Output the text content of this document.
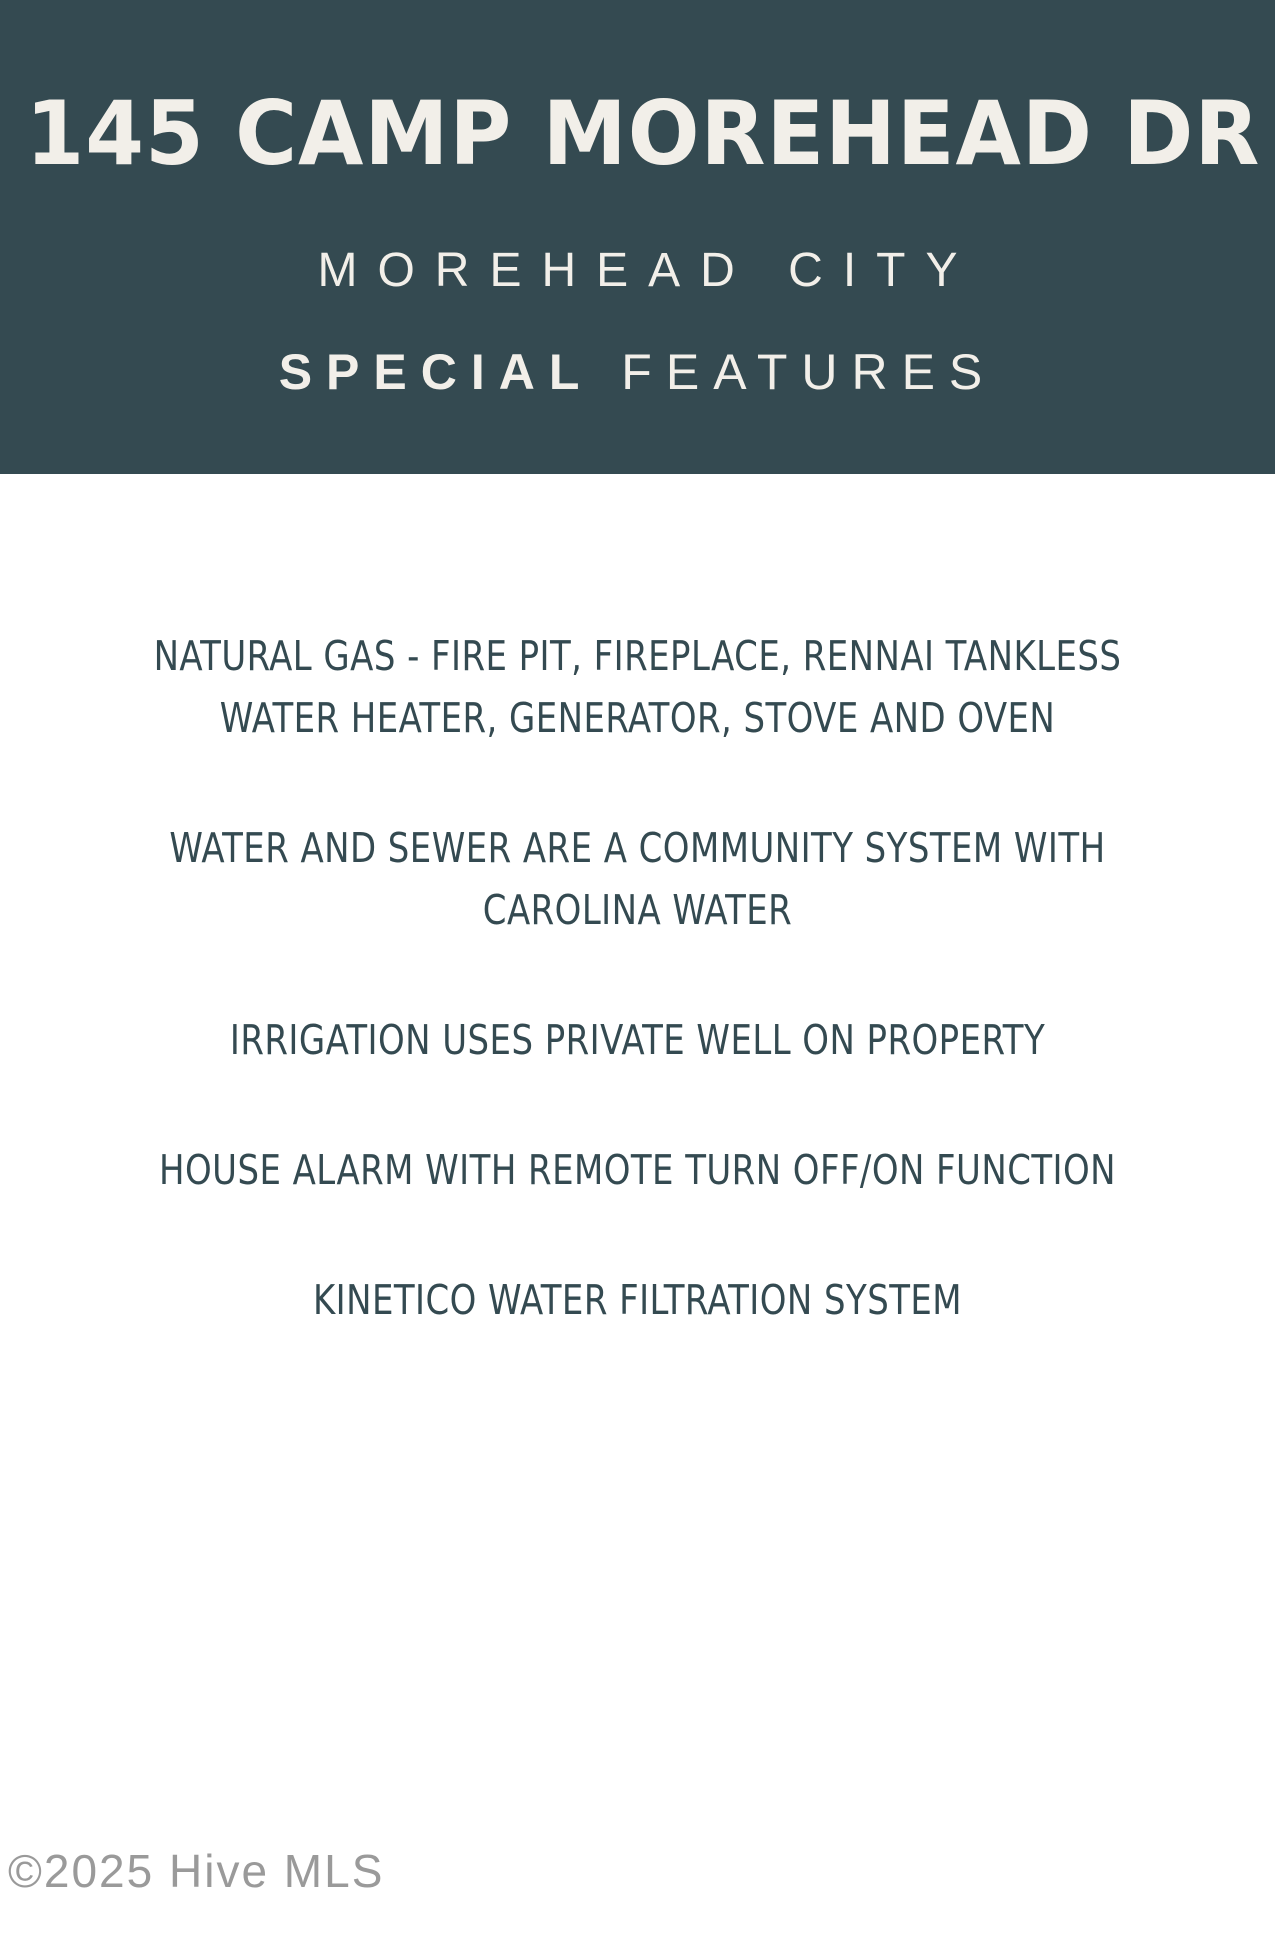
145 CAMP MOREHEAD DR
MOREHEAD CITY
SPECIAL FEATURES
NATURAL GAS - FIRE PIT, FIREPLACE, RENNAI TANKLESS WATER HEATER, GENERATOR, STOVE AND OVEN
WATER AND SEWER ARE A COMMUNITY SYSTEM WITH CAROLINA WATER
IRRIGATION USES PRIVATE WELL ON PROPERTY
HOUSE ALARM WITH REMOTE TURN OFF/ON FUNCTION
KINETICO WATER FILTRATION SYSTEM
©2025 Hive MLS
